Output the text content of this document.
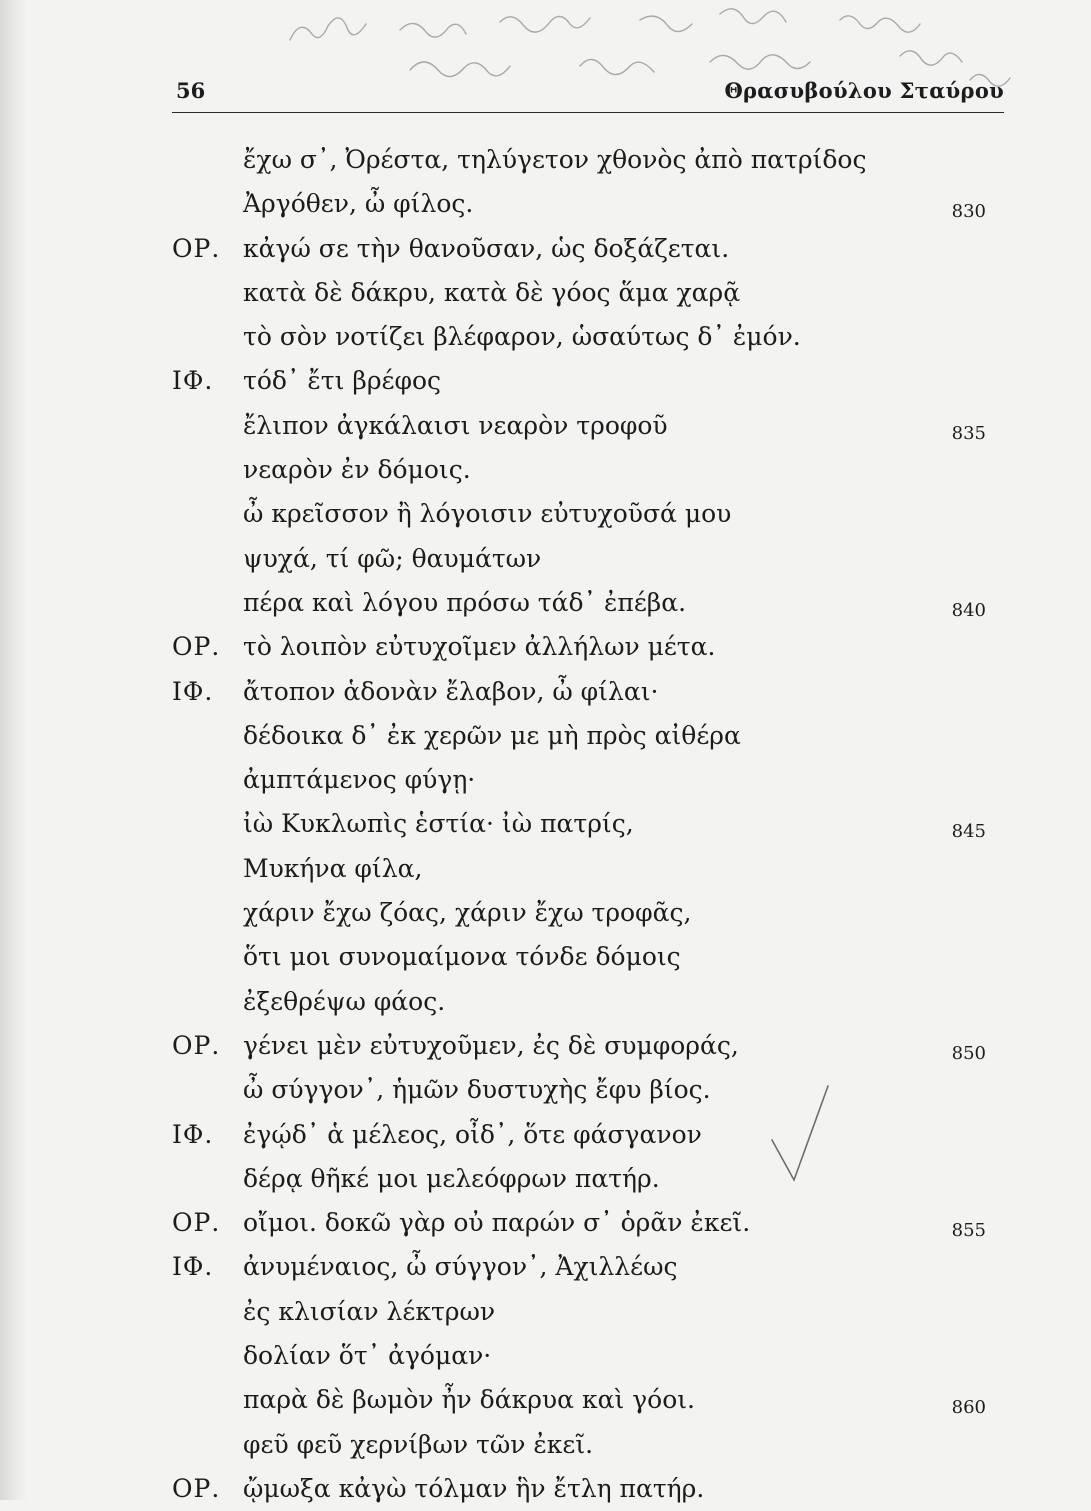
56	Θρασυβούλου Σταύρου
ἔχω σ᾽, Ὀρέστα, τηλύγετον χθονὸς ἀπὸ πατρίδος
Ἀργόθεν, ὦ φίλος.	830
ΟΡ. κἀγώ σε τὴν θανοῦσαν, ὡς δοξάζεται.
κατὰ δὲ δάκρυ, κατὰ δὲ γόος ἅμα χαρᾷ
τὸ σὸν νοτίζει βλέφαρον, ὡσαύτως δ᾽ ἐμόν.
ΙΦ. τόδ᾽ ἔτι βρέφος
ἔλιπον ἀγκάλαισι νεαρὸν τροφοῦ	835
νεαρὸν ἐν δόμοις.
ὦ κρεῖσσον ἢ λόγοισιν εὐτυχοῦσά μου
ψυχά, τί φῶ; θαυμάτων
πέρα καὶ λόγου πρόσω τάδ᾽ ἐπέβα.	840
ΟΡ. τὸ λοιπὸν εὐτυχοῖμεν ἀλλήλων μέτα.
ΙΦ. ἄτοπον ἁδονὰν ἔλαβον, ὦ φίλαι·
δέδοικα δ᾽ ἐκ χερῶν με μὴ πρὸς αἰθέρα
ἀμπτάμενος φύγῃ·
ἰὼ Κυκλωπὶς ἑστία· ἰὼ πατρίς,	845
Μυκήνα φίλα,
χάριν ἔχω ζόας, χάριν ἔχω τροφᾶς,
ὅτι μοι συνομαίμονα τόνδε δόμοις
ἐξεθρέψω φάος.
ΟΡ. γένει μὲν εὐτυχοῦμεν, ἐς δὲ συμφοράς,	850
ὦ σύγγον᾽, ἡμῶν δυστυχὴς ἔφυ βίος.
ΙΦ. ἐγῴδ᾽ ἁ μέλεος, οἶδ᾽, ὅτε φάσγανον
δέρᾳ θῆκέ μοι μελεόφρων πατήρ.
ΟΡ. οἴμοι. δοκῶ γὰρ οὐ παρών σ᾽ ὁρᾶν ἐκεῖ.	855
ΙΦ. ἀνυμέναιος, ὦ σύγγον᾽, Ἀχιλλέως
ἐς κλισίαν λέκτρων
δολίαν ὅτ᾽ ἀγόμαν·
παρὰ δὲ βωμὸν ἦν δάκρυα καὶ γόοι.	860
φεῦ φεῦ χερνίβων τῶν ἐκεῖ.
ΟΡ. ᾤμωξα κἀγὼ τόλμαν ἣν ἔτλη πατήρ.
